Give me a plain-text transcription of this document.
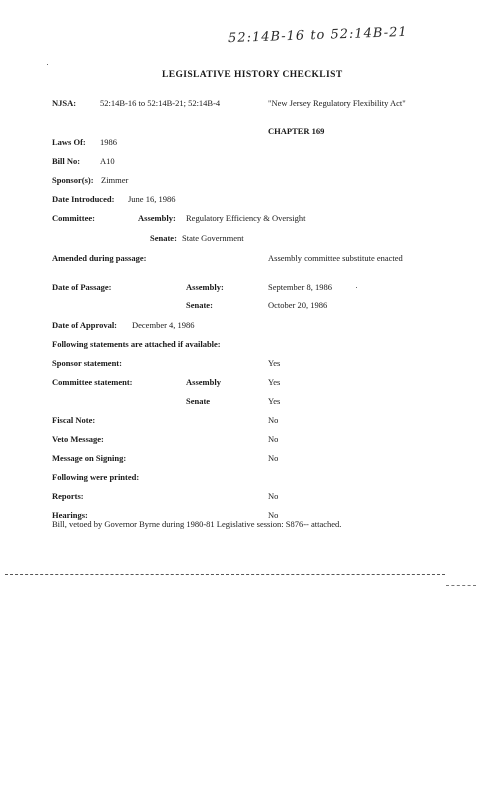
52:14B-16 to 52:14B-21
LEGISLATIVE HISTORY CHECKLIST
NJSA:	52:14B-16 to 52:14B-21; 52:14B-4	"New Jersey Regulatory Flexibility Act"
CHAPTER 169
Laws Of: 1986
Bill No: A10
Sponsor(s): Zimmer
Date Introduced: June 16, 1986
Committee:	Assembly: Regulatory Efficiency & Oversight
Senate: State Government
Amended during passage:	Assembly committee substitute enacted
Date of Passage:	Assembly:	September 8, 1986
Senate:	October 20, 1986
Date of Approval: December 4, 1986
Following statements are attached if available:
Sponsor statement:	Yes
Committee statement:	Assembly	Yes
Senate	Yes
Fiscal Note:	No
Veto Message:	No
Message on Signing:	No
Following were printed:
Reports:	No
Hearings:	No
Bill, vetoed by Governor Byrne during 1980-81 Legislative session: S876-- attached.
